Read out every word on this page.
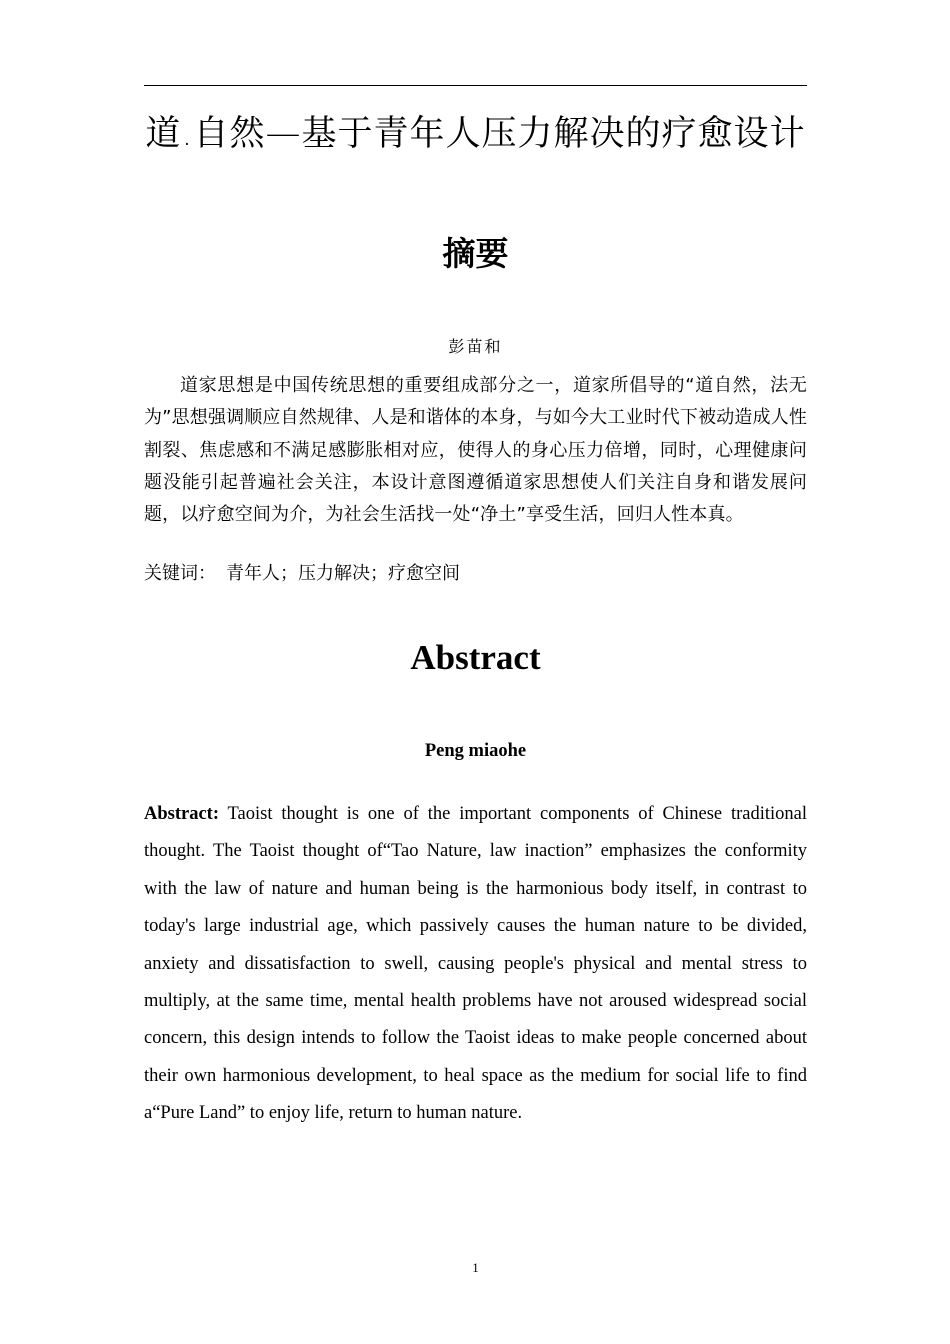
道.自然—基于青年人压力解决的疗愈设计
摘要
彭苗和

道家思想是中国传统思想的重要组成部分之一，道家所倡导的“道自然，法无为”思想强调顺应自然规律、人是和谐体的本身，与如今大工业时代下被动造成人性割裂、焦虑感和不满足感膨胀相对应，使得人的身心压力倍增，同时，心理健康问题没能引起普遍社会关注，本设计意图遵循道家思想使人们关注自身和谐发展问题，以疗愈空间为介，为社会生活找一处“净土”享受生活，回归人性本真。

关键词： 青年人；压力解决；疗愈空间
Abstract
Peng miaohe

Abstract: Taoist thought is one of the important components of Chinese traditional thought. The Taoist thought of“Tao Nature, law inaction” emphasizes the conformity with the law of nature and human being is the harmonious body itself, in contrast to today's large industrial age, which passively causes the human nature to be divided, anxiety and dissatisfaction to swell, causing people's physical and mental stress to multiply, at the same time, mental health problems have not aroused widespread social concern, this design intends to follow the Taoist ideas to make people concerned about their own harmonious development, to heal space as the medium for social life to find a“Pure Land” to enjoy life, return to human nature.

1
